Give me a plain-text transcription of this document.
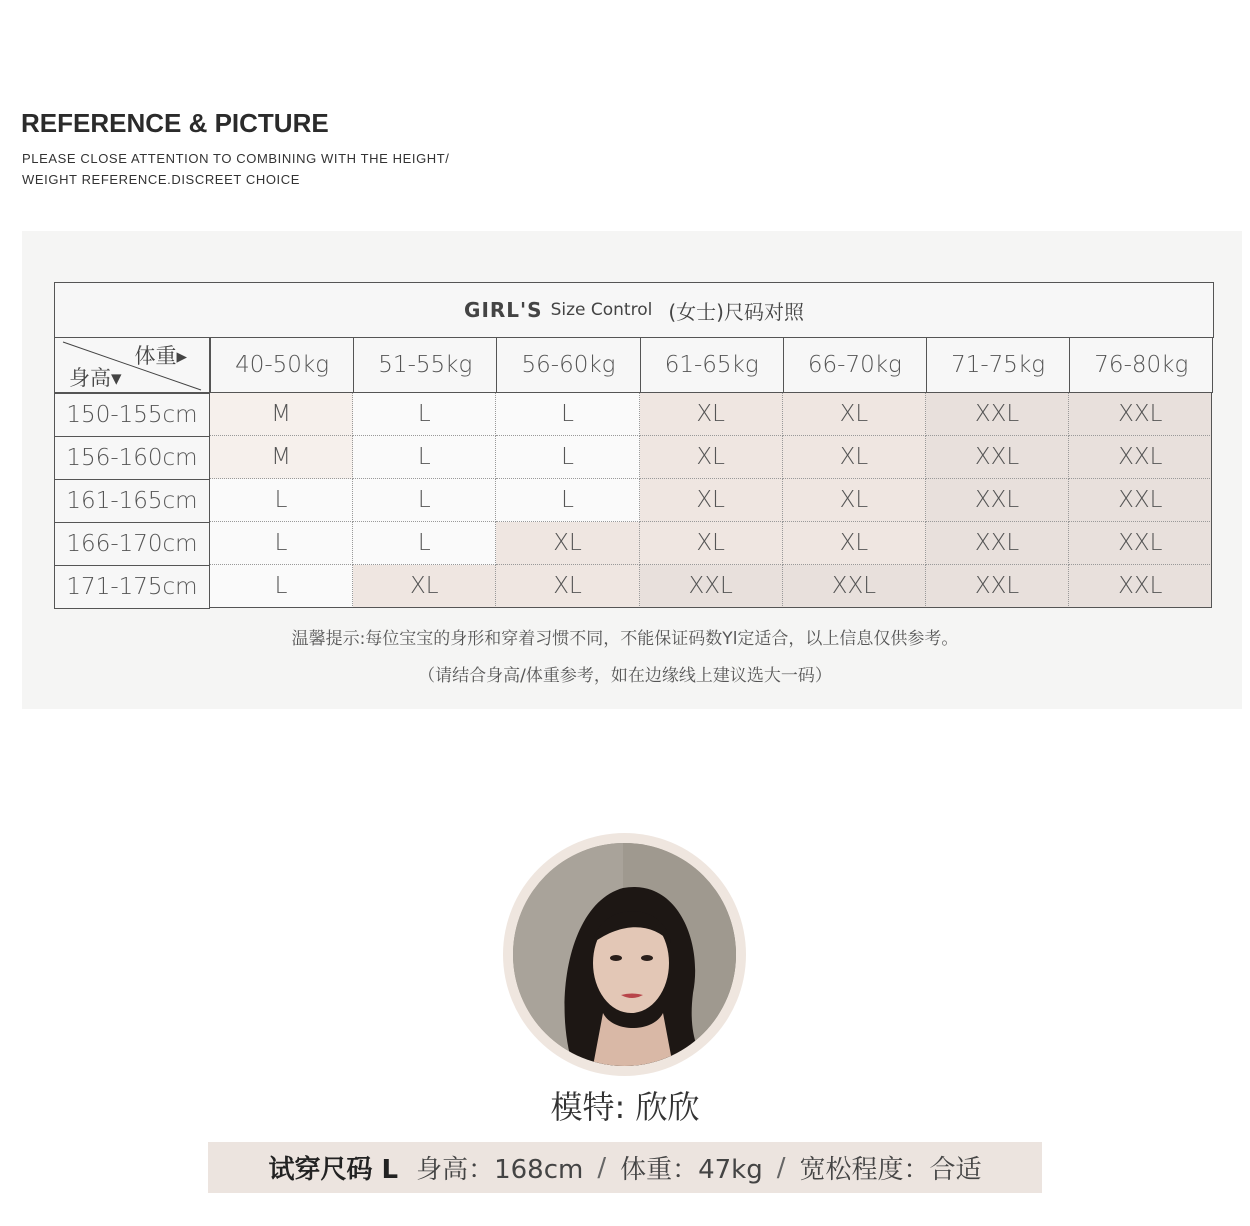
REFERENCE & PICTURE
PLEASE CLOSE ATTENTION TO COMBINING WITH THE HEIGHT/
WEIGHT REFERENCE.DISCREET CHOICE
GIRL'S Size Control (女士)尺码对照
体重▸
身高▾	40-50kg	51-55kg	56-60kg	61-65kg	66-70kg	71-75kg	76-80kg
150-155cm	M	L	L	XL	XL	XXL	XXL
156-160cm	M	L	L	XL	XL	XXL	XXL
161-165cm	L	L	L	XL	XL	XXL	XXL
166-170cm	L	L	XL	XL	XL	XXL	XXL
171-175cm	L	XL	XL	XXL	XXL	XXL	XXL
温馨提示:每位宝宝的身形和穿着习惯不同，不能保证码数Yl定适合，以上信息仅供参考。
（请结合身高/体重参考，如在边缘线上建议选大一码）
模特: 欣欣
试穿尺码 L 身高：168cm / 体重：47kg / 宽松程度：合适
